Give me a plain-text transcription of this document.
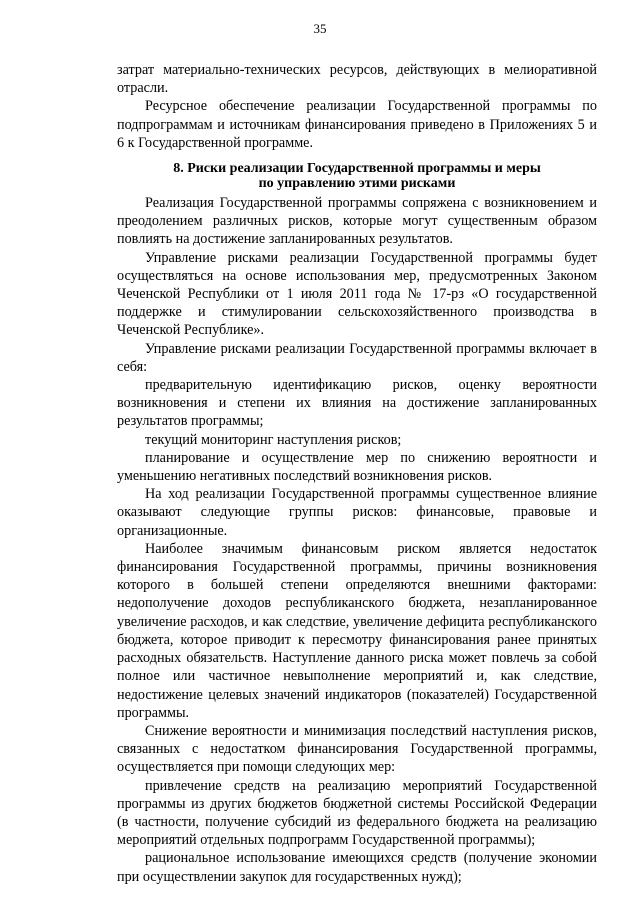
35

затрат материально-технических ресурсов, действующих в мелиоративной отрасли.

Ресурсное обеспечение реализации Государственной программы по подпрограммам и источникам финансирования приведено в Приложениях 5 и 6 к Государственной программе.

8. Риски реализации Государственной программы и меры
по управлению этими рисками

Реализация Государственной программы сопряжена с возникновением и преодолением различных рисков, которые могут существенным образом повлиять на достижение запланированных результатов.

Управление рисками реализации Государственной программы будет осуществляться на основе использования мер, предусмотренных Законом Чеченской Республики от 1 июля 2011 года № 17-рз «О государственной поддержке и стимулировании сельскохозяйственного производства в Чеченской Республике».

Управление рисками реализации Государственной программы включает в себя:

предварительную идентификацию рисков, оценку вероятности возникновения и степени их влияния на достижение запланированных результатов программы;

текущий мониторинг наступления рисков;

планирование и осуществление мер по снижению вероятности и уменьшению негативных последствий возникновения рисков.

На ход реализации Государственной программы существенное влияние оказывают следующие группы рисков: финансовые, правовые и организационные.

Наиболее значимым финансовым риском является недостаток финансирования Государственной программы, причины возникновения которого в большей степени определяются внешними факторами: недополучение доходов республиканского бюджета, незапланированное увеличение расходов, и как следствие, увеличение дефицита республиканского бюджета, которое приводит к пересмотру финансирования ранее принятых расходных обязательств. Наступление данного риска может повлечь за собой полное или частичное невыполнение мероприятий и, как следствие, недостижение целевых значений индикаторов (показателей) Государственной программы.

Снижение вероятности и минимизация последствий наступления рисков, связанных с недостатком финансирования Государственной программы, осуществляется при помощи следующих мер:

привлечение средств на реализацию мероприятий Государственной программы из других бюджетов бюджетной системы Российской Федерации (в частности, получение субсидий из федерального бюджета на реализацию мероприятий отдельных подпрограмм Государственной программы);

рациональное использование имеющихся средств (получение экономии при осуществлении закупок для государственных нужд);
